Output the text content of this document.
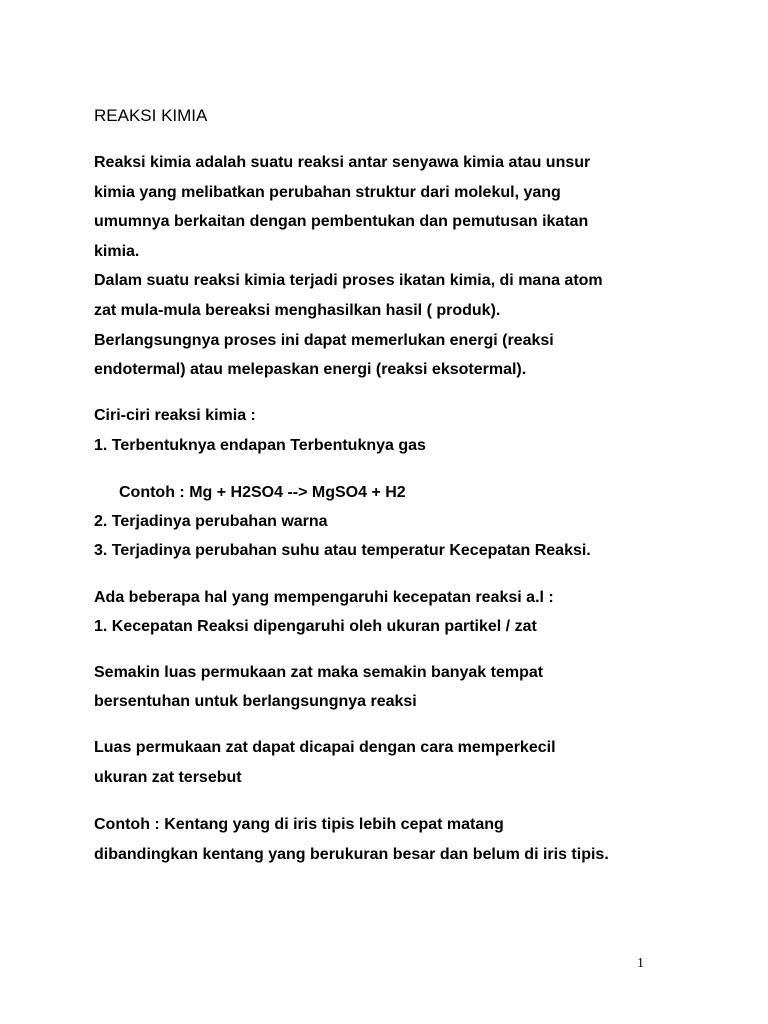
REAKSI KIMIA
Reaksi kimia adalah suatu reaksi antar senyawa kimia atau unsur
kimia yang melibatkan perubahan struktur dari molekul, yang
umumnya berkaitan dengan pembentukan dan pemutusan ikatan
kimia.
Dalam suatu reaksi kimia terjadi proses ikatan kimia, di mana atom
zat mula-mula bereaksi menghasilkan hasil ( produk).
Berlangsungnya proses ini dapat memerlukan energi (reaksi
endotermal) atau melepaskan energi (reaksi eksotermal).
Ciri-ciri reaksi kimia :
1. Terbentuknya endapan Terbentuknya gas
Contoh : Mg + H2SO4 --> MgSO4 + H2
2. Terjadinya perubahan warna
3. Terjadinya perubahan suhu atau temperatur Kecepatan Reaksi.
Ada beberapa hal yang mempengaruhi kecepatan reaksi a.l :
1. Kecepatan Reaksi dipengaruhi oleh ukuran partikel / zat
Semakin luas permukaan zat maka semakin banyak tempat
bersentuhan untuk berlangsungnya reaksi
Luas permukaan zat dapat dicapai dengan cara memperkecil
ukuran zat tersebut
Contoh : Kentang yang di iris tipis lebih cepat matang
dibandingkan kentang yang berukuran besar dan belum di iris tipis.
1
